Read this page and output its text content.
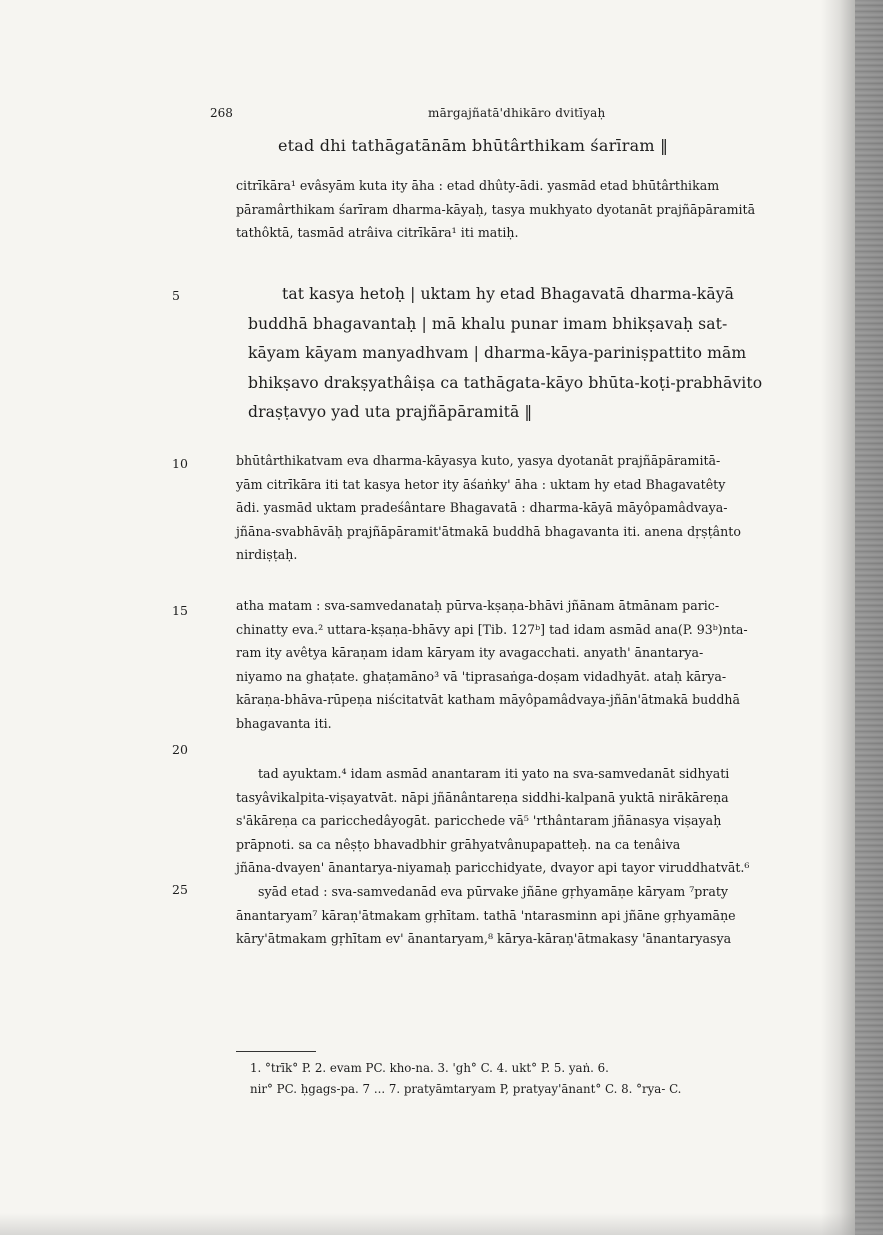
268	mārgajñatā'dhikāro dvitīyaḥ
etad dhi tathāgatānām bhūtârthikam śarīram ‖

citrīkāra¹ evâsyām kuta ity āha : etad dhûty-ādi. yasmād etad bhūtârthikam

pāramârthikam śarīram dharma-kāyaḥ, tasya mukhyato dyotanāt prajñāpāramitā

tathôktā, tasmād atrâiva citrīkāra¹ iti matiḥ.

5	tat kasya hetoḥ | uktam hy etad Bhagavatā dharma-kāyā
buddhā bhagavantaḥ | mā khalu punar imam bhikṣavaḥ sat-
kāyam kāyam manyadhvam | dharma-kāya-pariniṣpattito mām
bhikṣavo drakṣyathâiṣa ca tathāgata-kāyo bhūta-koṭi-prabhāvito
draṣṭavyo yad uta prajñāpāramitā ‖
10	bhūtârthikatvam eva dharma-kāyasya kuto, yasya dyotanāt prajñāpāramitā-

yām citrīkāra iti tat kasya hetor ity āśaṅky' āha : uktam hy etad Bhagavatêty

ādi. yasmād uktam pradeśântare Bhagavatā : dharma-kāyā māyôpamâdvaya-

jñāna-svabhāvāḥ prajñāpāramit'ātmakā buddhā bhagavanta iti. anena dṛṣṭânto

nirdiṣṭaḥ.

15	atha matam : sva-samvedanataḥ pūrva-kṣaṇa-bhāvi jñānam ātmānam paric-

chinatty eva.² uttara-kṣaṇa-bhāvy api [Tib. 127ᵇ] tad idam asmād ana(P. 93ᵇ)nta-

ram ity avêtya kāraṇam idam kāryam ity avagacchati. anyath' ānantarya-

niyamo na ghaṭate. ghaṭamāno³ vā 'tiprasaṅga-doṣam vidadhyāt. ataḥ kārya-

kāraṇa-bhāva-rūpeṇa niścitatvāt katham māyôpamâdvaya-jñān'ātmakā buddhā

bhagavanta iti.

20

tad ayuktam.⁴ idam asmād anantaram iti yato na sva-samvedanāt sidhyati

tasyâvikalpita-viṣayatvāt. nāpi jñānântareṇa siddhi-kalpanā yuktā nirākāreṇa

s'ākāreṇa ca paricchedâyogāt. paricchede vā⁵ 'rthântaram jñānasya viṣayaḥ

prāpnoti. sa ca nêṣṭo bhavadbhir grāhyatvânupapatteḥ. na ca tenâiva

jñāna-dvayen' ānantarya-niyamaḥ paricchidyate, dvayor api tayor viruddhatvāt.⁶

syād etad : sva-samvedanād eva pūrvake jñāne gṛhyamāṇe kāryam ⁷praty

ānantaryam⁷ kāraṇ'ātmakam gṛhītam. tathā 'ntarasminn api jñāne gṛhyamāṇe

kāry'ātmakam gṛhītam ev' ānantaryam,⁸ kārya-kāraṇ'ātmakasy 'ānantaryasya

25
1. °trīk° P. 2. evam PC. kho-na. 3. 'gh° C. 4. ukt° P. 5. yaṅ. 6.
nir° PC. ḥgags-pa. 7 ... 7. pratyāmtaryam P, pratyay'ānant° C. 8. °rya- C.
